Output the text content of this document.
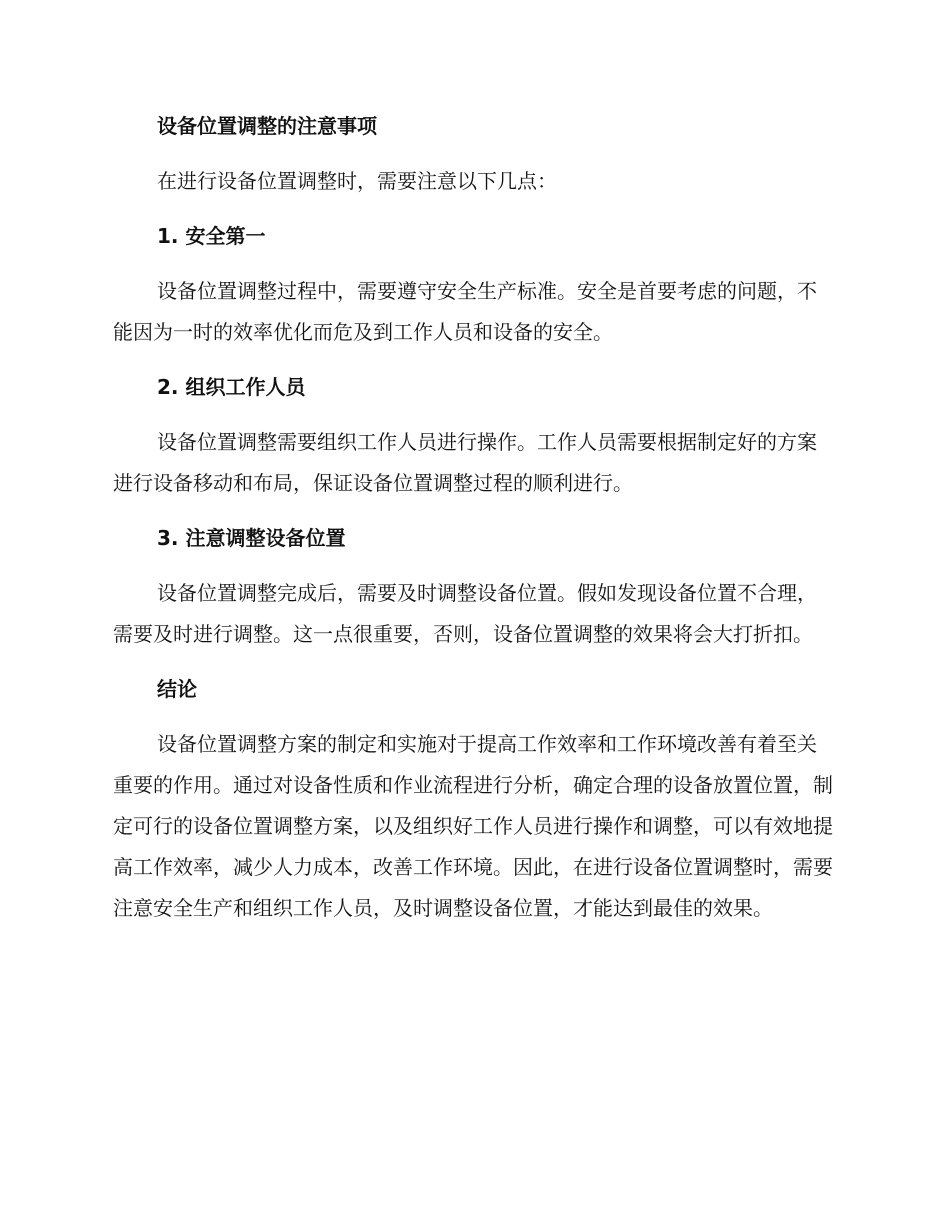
设备位置调整的注意事项

在进行设备位置调整时，需要注意以下几点：

1. 安全第一

设备位置调整过程中，需要遵守安全生产标准。安全是首要考虑的问题，不能因为一时的效率优化而危及到工作人员和设备的安全。

2. 组织工作人员

设备位置调整需要组织工作人员进行操作。工作人员需要根据制定好的方案进行设备移动和布局，保证设备位置调整过程的顺利进行。

3. 注意调整设备位置

设备位置调整完成后，需要及时调整设备位置。假如发现设备位置不合理，需要及时进行调整。这一点很重要，否则，设备位置调整的效果将会大打折扣。

结论

设备位置调整方案的制定和实施对于提高工作效率和工作环境改善有着至关重要的作用。通过对设备性质和作业流程进行分析，确定合理的设备放置位置，制定可行的设备位置调整方案，以及组织好工作人员进行操作和调整，可以有效地提高工作效率，减少人力成本，改善工作环境。因此，在进行设备位置调整时，需要注意安全生产和组织工作人员，及时调整设备位置，才能达到最佳的效果。
